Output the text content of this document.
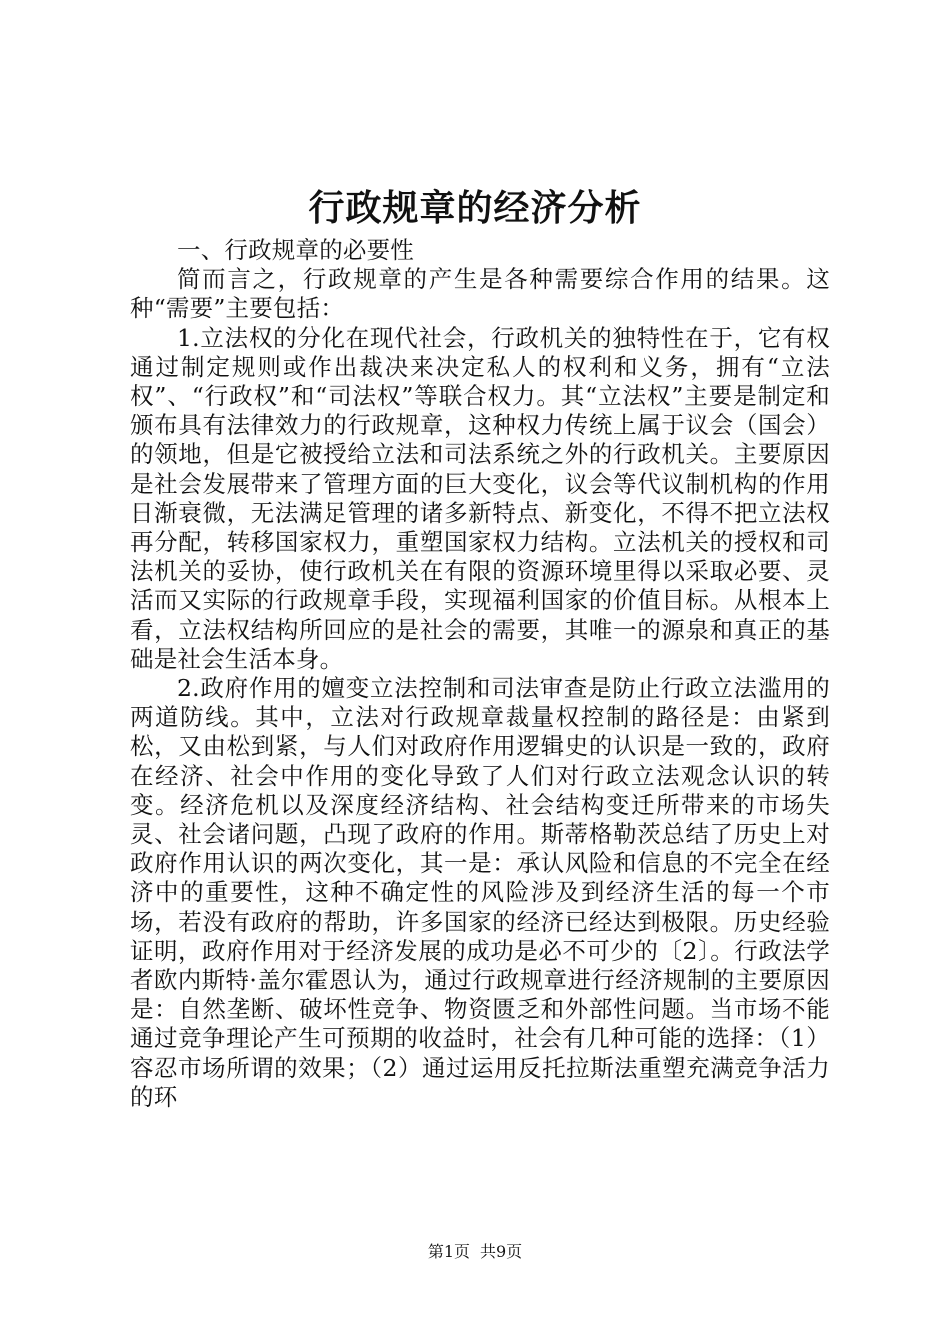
行政规章的经济分析

一、行政规章的必要性

简而言之，行政规章的产生是各种需要综合作用的结果。这种“需要”主要包括：

1.立法权的分化在现代社会，行政机关的独特性在于，它有权通过制定规则或作出裁决来决定私人的权利和义务，拥有“立法权”、“行政权”和“司法权”等联合权力。其“立法权”主要是制定和颁布具有法律效力的行政规章，这种权力传统上属于议会（国会）的领地，但是它被授给立法和司法系统之外的行政机关。主要原因是社会发展带来了管理方面的巨大变化，议会等代议制机构的作用日渐衰微，无法满足管理的诸多新特点、新变化，不得不把立法权再分配，转移国家权力，重塑国家权力结构。立法机关的授权和司法机关的妥协，使行政机关在有限的资源环境里得以采取必要、灵活而又实际的行政规章手段，实现福利国家的价值目标。从根本上看，立法权结构所回应的是社会的需要，其唯一的源泉和真正的基础是社会生活本身。

2.政府作用的嬗变立法控制和司法审查是防止行政立法滥用的两道防线。其中，立法对行政规章裁量权控制的路径是：由紧到松，又由松到紧，与人们对政府作用逻辑史的认识是一致的，政府在经济、社会中作用的变化导致了人们对行政立法观念认识的转变。经济危机以及深度经济结构、社会结构变迁所带来的市场失灵、社会诸问题，凸现了政府的作用。斯蒂格勒茨总结了历史上对政府作用认识的两次变化，其一是：承认风险和信息的不完全在经济中的重要性，这种不确定性的风险涉及到经济生活的每一个市场，若没有政府的帮助，许多国家的经济已经达到极限。历史经验证明，政府作用对于经济发展的成功是必不可少的〔2〕。行政法学者欧内斯特·盖尔霍恩认为，通过行政规章进行经济规制的主要原因是：自然垄断、破坏性竞争、物资匮乏和外部性问题。当市场不能通过竞争理论产生可预期的收益时，社会有几种可能的选择：（1）容忍市场所谓的效果；（2）通过运用反托拉斯法重塑充满竞争活力的环

第1页 共9页
